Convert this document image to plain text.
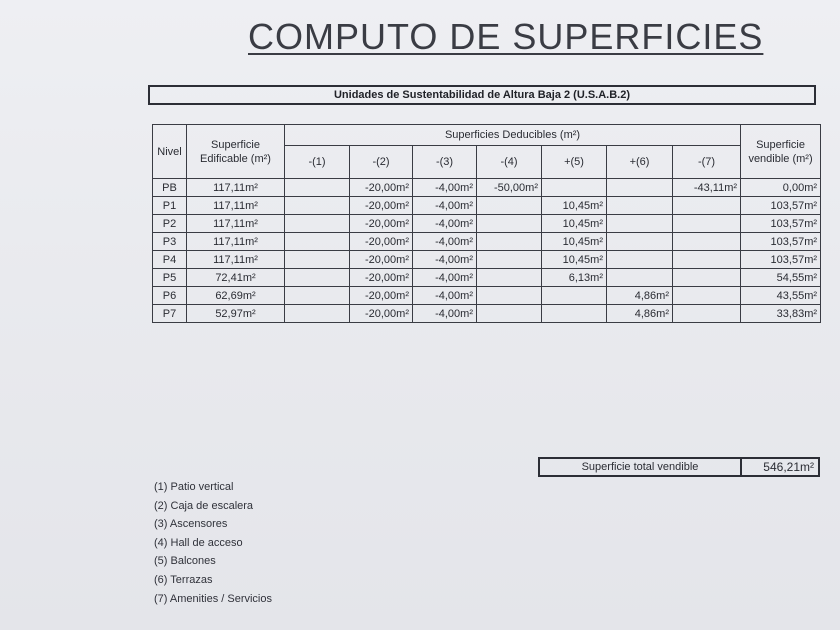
COMPUTO DE SUPERFICIES
Unidades de Sustentabilidad de Altura Baja 2 (U.S.A.B.2)
Nivel	Superficie Edificable (m²)	Superficies Deducibles (m²)							Superficie vendible (m²)
		-(1)	-(2)	-(3)	-(4)	+(5)	+(6)	-(7)	
PB	117,11m²		-20,00m²	-4,00m²	-50,00m²			-43,11m²	0,00m²
P1	117,11m²		-20,00m²	-4,00m²		10,45m²			103,57m²
P2	117,11m²		-20,00m²	-4,00m²		10,45m²			103,57m²
P3	117,11m²		-20,00m²	-4,00m²		10,45m²			103,57m²
P4	117,11m²		-20,00m²	-4,00m²		10,45m²			103,57m²
P5	72,41m²		-20,00m²	-4,00m²		6,13m²			54,55m²
P6	62,69m²		-20,00m²	-4,00m²			4,86m²		43,55m²
P7	52,97m²		-20,00m²	-4,00m²			4,86m²		33,83m²
Superficie total vendible	546,21m²
(1) Patio vertical
(2) Caja de escalera
(3) Ascensores
(4) Hall de acceso
(5) Balcones
(6) Terrazas
(7) Amenities / Servicios
